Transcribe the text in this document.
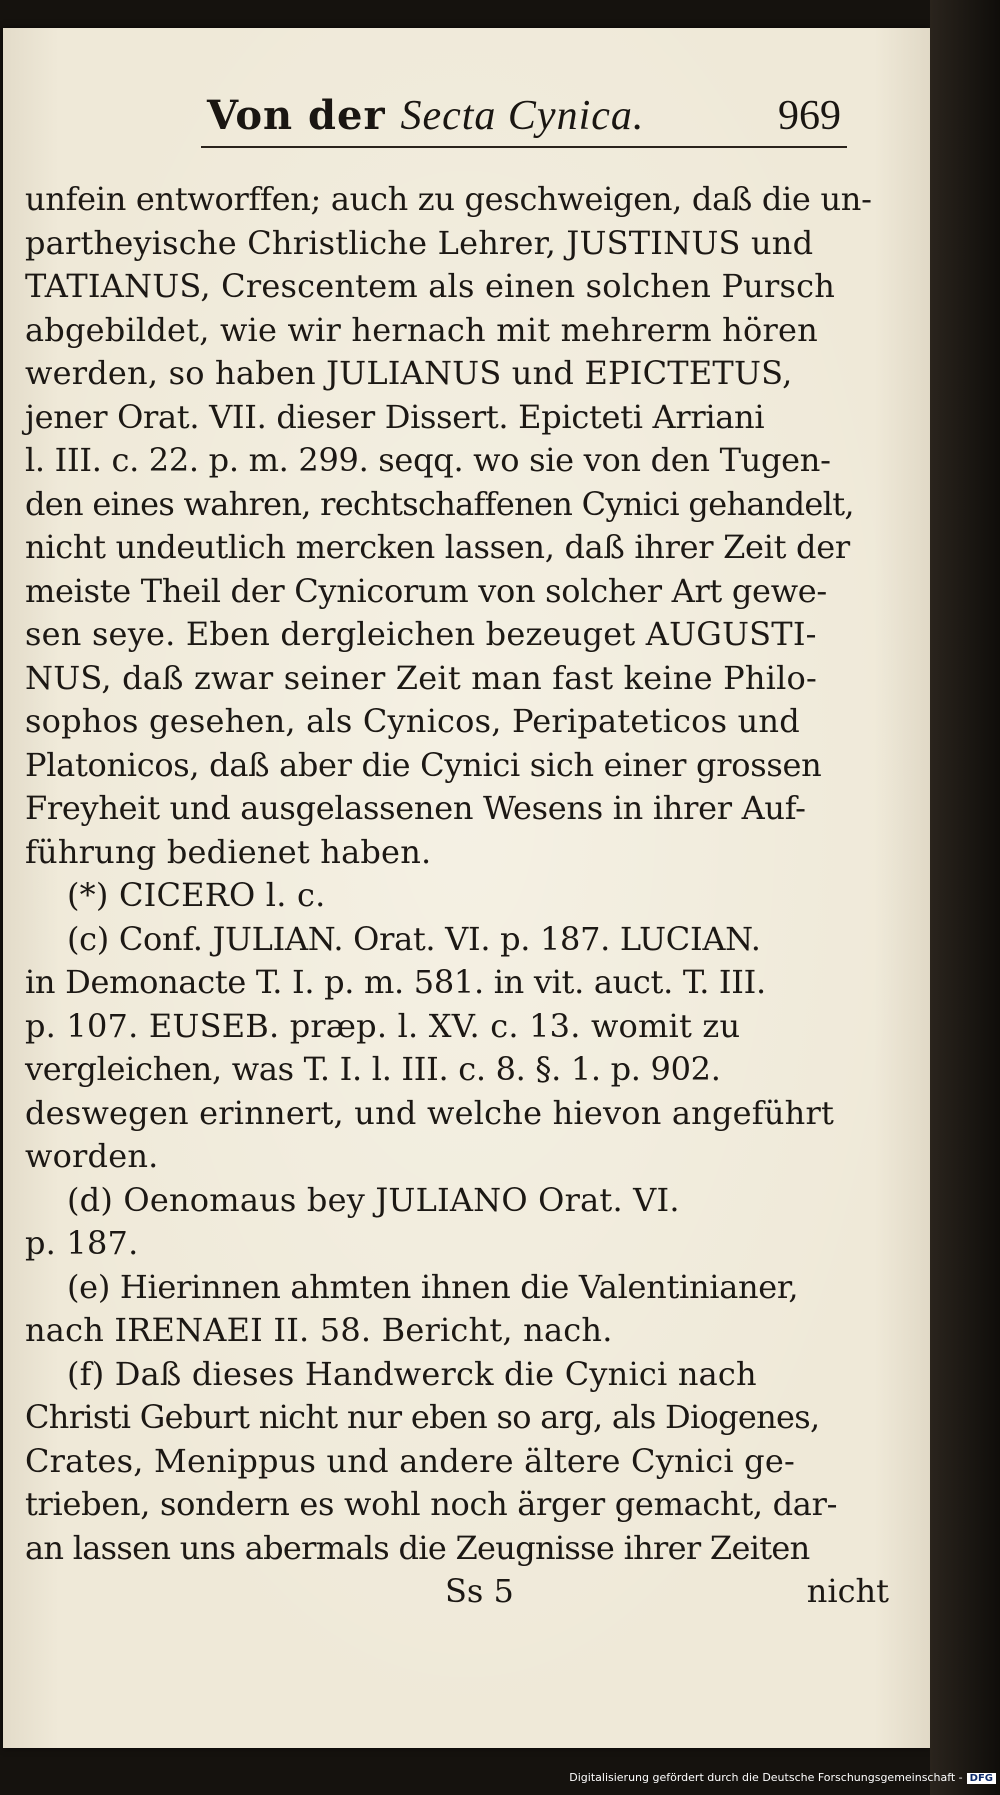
Von der Secta Cynica.	969
unfein entworffen; auch zu geschweigen, daß die un-
partheyische Christliche Lehrer, JUSTINUS und
TATIANUS, Crescentem als einen solchen Pursch
abgebildet, wie wir hernach mit mehrerm hören
werden, so haben JULIANUS und EPICTETUS,
jener Orat. VII. dieser Dissert. Epicteti Arriani
l. III. c. 22. p. m. 299. seqq. wo sie von den Tugen-
den eines wahren, rechtschaffenen Cynici gehandelt,
nicht undeutlich mercken lassen, daß ihrer Zeit der
meiste Theil der Cynicorum von solcher Art gewe-
sen seye. Eben dergleichen bezeuget AUGUSTI-
NUS, daß zwar seiner Zeit man fast keine Philo-
sophos gesehen, als Cynicos, Peripateticos und
Platonicos, daß aber die Cynici sich einer grossen
Freyheit und ausgelassenen Wesens in ihrer Auf-
führung bedienet haben.
(*) CICERO l. c.
(c) Conf. JULIAN. Orat. VI. p. 187. LUCIAN.
in Demonacte T. I. p. m. 581. in vit. auct. T. III.
p. 107. EUSEB. præp. l. XV. c. 13. womit zu
vergleichen, was T. I. l. III. c. 8. §. 1. p. 902.
deswegen erinnert, und welche hievon angeführt
worden.
(d) Oenomaus bey JULIANO Orat. VI.
p. 187.
(e) Hierinnen ahmten ihnen die Valentinianer,
nach IRENAEI II. 58. Bericht, nach.
(f) Daß dieses Handwerck die Cynici nach
Christi Geburt nicht nur eben so arg, als Diogenes,
Crates, Menippus und andere ältere Cynici ge-
trieben, sondern es wohl noch ärger gemacht, dar-
an lassen uns abermals die Zeugnisse ihrer Zeiten
Ss 5	nicht
Digitalisierung gefördert durch die Deutsche Forschungsgemeinschaft - DFG
